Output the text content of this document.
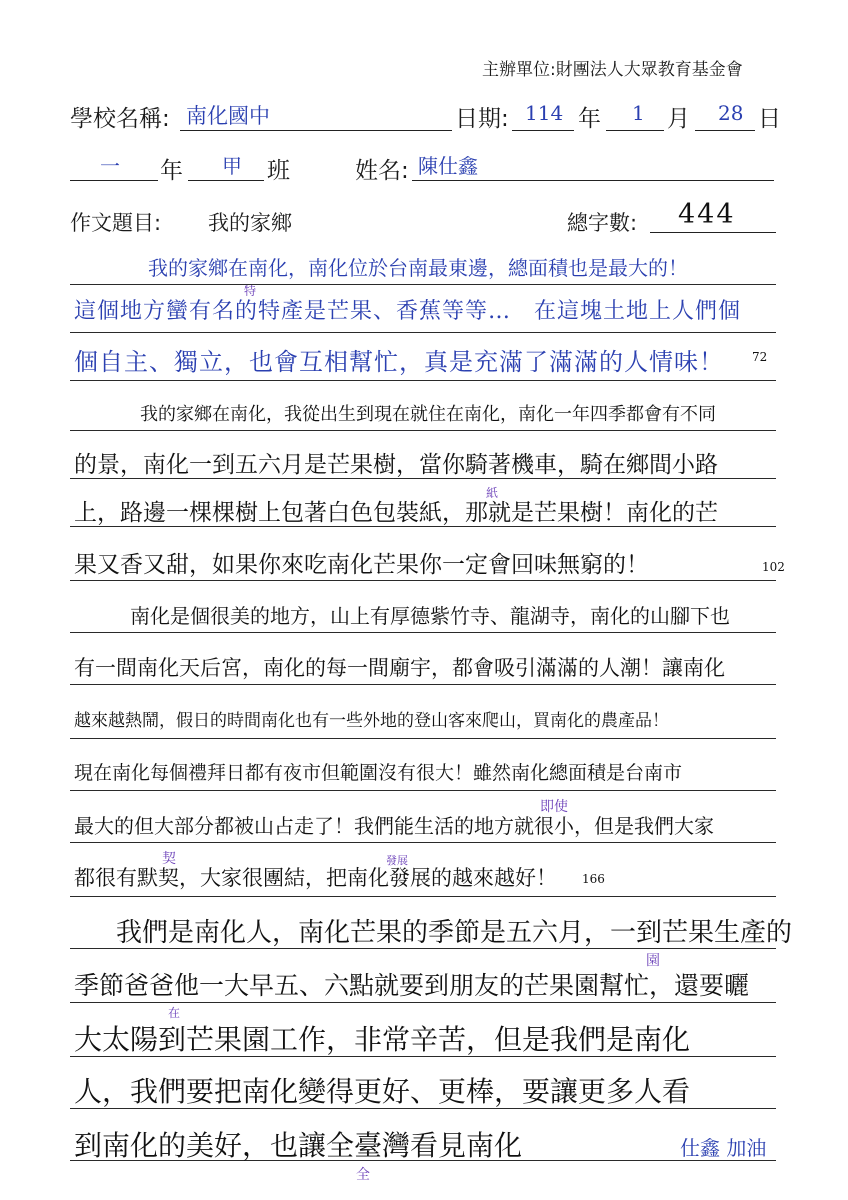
主辦單位:財團法人大眾教育基金會
學校名稱: 南化國中	日期: 114 年 1 月 28 日
一 年 甲 班	姓名: 陳仕鑫
作文題目: 我的家鄉	總字數: 444
我的家鄉在南化，南化位於台南最東邊，總面積也是最大的！
這個地方蠻有名的特產是芒果、香蕉等等…　在這塊土地上人們個
個自主、獨立，也會互相幫忙，真是充滿了滿滿的人情味！
我的家鄉在南化，我從出生到現在就住在南化，南化一年四季都會有不同
的景，南化一到五六月是芒果樹，當你騎著機車，騎在鄉間小路
上，路邊一棵棵樹上包著白色包裝紙，那就是芒果樹！南化的芒
果又香又甜，如果你來吃南化芒果你一定會回味無窮的！
南化是個很美的地方，山上有厚德紫竹寺、龍湖寺，南化的山腳下也
有一間南化天后宮，南化的每一間廟宇，都會吸引滿滿的人潮！讓南化
越來越熱鬧，假日的時間南化也有一些外地的登山客來爬山，買南化的農產品！
現在南化每個禮拜日都有夜市但範圍沒有很大！雖然南化總面積是台南市
最大的但大部分都被山占走了！我們能生活的地方就很小，但是我們大家
都很有默契，大家很團結，把南化發展的越來越好！
我們是南化人，南化芒果的季節是五六月，一到芒果生產的
季節爸爸他一大早五、六點就要到朋友的芒果園幫忙，還要曬
大太陽到芒果園工作，非常辛苦，但是我們是南化
人，我們要把南化變得更好、更棒，要讓更多人看
到南化的美好，也讓全臺灣看見南化
72
102
166
特
紙
即使
契	發展
園
在
全
仕鑫 加油
